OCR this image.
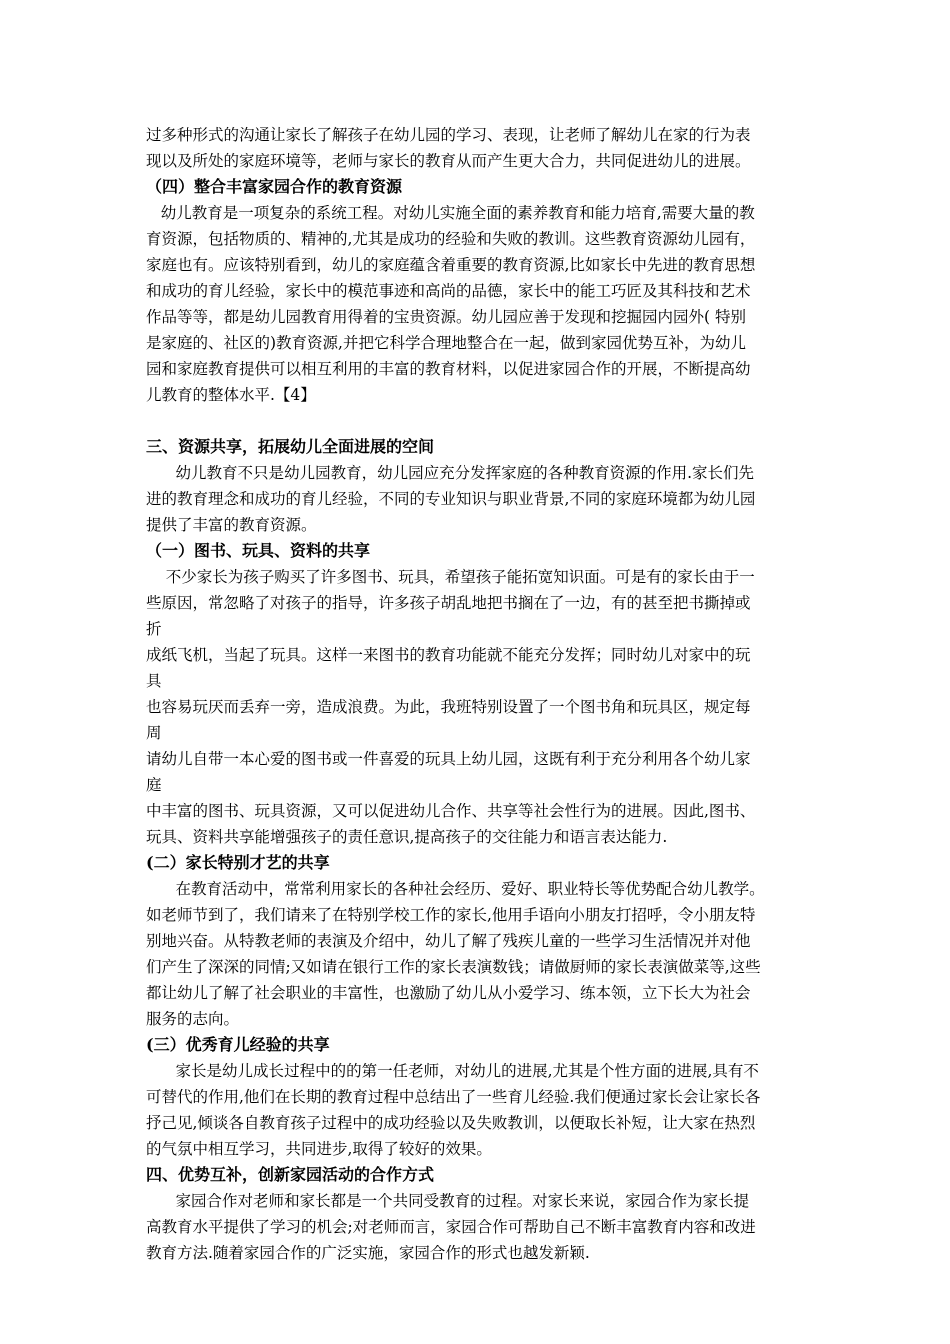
过多种形式的沟通让家长了解孩子在幼儿园的学习、表现，让老师了解幼儿在家的行为表
现以及所处的家庭环境等，老师与家长的教育从而产生更大合力，共同促进幼儿的进展。
（四）整合丰富家园合作的教育资源
幼儿教育是一项复杂的系统工程。对幼儿实施全面的素养教育和能力培育,需要大量的教
育资源，包括物质的、精神的,尤其是成功的经验和失败的教训。这些教育资源幼儿园有，
家庭也有。应该特别看到，幼儿的家庭蕴含着重要的教育资源,比如家长中先进的教育思想
和成功的育儿经验，家长中的模范事迹和高尚的品德，家长中的能工巧匠及其科技和艺术
作品等等，都是幼儿园教育用得着的宝贵资源。幼儿园应善于发现和挖掘园内园外( 特别
是家庭的、社区的)教育资源,并把它科学合理地整合在一起，做到家园优势互补，为幼儿
园和家庭教育提供可以相互利用的丰富的教育材料，以促进家园合作的开展，不断提高幼
儿教育的整体水平.【4】
三、资源共享，拓展幼儿全面进展的空间
幼儿教育不只是幼儿园教育，幼儿园应充分发挥家庭的各种教育资源的作用.家长们先
进的教育理念和成功的育儿经验，不同的专业知识与职业背景,不同的家庭环境都为幼儿园
提供了丰富的教育资源。
（一）图书、玩具、资料的共享
不少家长为孩子购买了许多图书、玩具，希望孩子能拓宽知识面。可是有的家长由于一
些原因，常忽略了对孩子的指导，许多孩子胡乱地把书搁在了一边，有的甚至把书撕掉或
折
成纸飞机，当起了玩具。这样一来图书的教育功能就不能充分发挥；同时幼儿对家中的玩
具
也容易玩厌而丢弃一旁，造成浪费。为此，我班特别设置了一个图书角和玩具区，规定每
周
请幼儿自带一本心爱的图书或一件喜爱的玩具上幼儿园，这既有利于充分利用各个幼儿家
庭
中丰富的图书、玩具资源，又可以促进幼儿合作、共享等社会性行为的进展。因此,图书、
玩具、资料共享能增强孩子的责任意识,提高孩子的交往能力和语言表达能力.
(二）家长特别才艺的共享
在教育活动中，常常利用家长的各种社会经历、爱好、职业特长等优势配合幼儿教学。
如老师节到了，我们请来了在特别学校工作的家长,他用手语向小朋友打招呼，令小朋友特
别地兴奋。从特教老师的表演及介绍中，幼儿了解了残疾儿童的一些学习生活情况并对他
们产生了深深的同情;又如请在银行工作的家长表演数钱；请做厨师的家长表演做菜等,这些
都让幼儿了解了社会职业的丰富性，也激励了幼儿从小爱学习、练本领，立下长大为社会
服务的志向。
(三）优秀育儿经验的共享
家长是幼儿成长过程中的的第一任老师，对幼儿的进展,尤其是个性方面的进展,具有不
可替代的作用,他们在长期的教育过程中总结出了一些育儿经验.我们便通过家长会让家长各
抒己见,倾谈各自教育孩子过程中的成功经验以及失败教训，以便取长补短，让大家在热烈
的气氛中相互学习，共同进步,取得了较好的效果。
四、优势互补，创新家园活动的合作方式
家园合作对老师和家长都是一个共同受教育的过程。对家长来说，家园合作为家长提
高教育水平提供了学习的机会;对老师而言，家园合作可帮助自己不断丰富教育内容和改进
教育方法.随着家园合作的广泛实施，家园合作的形式也越发新颖.
